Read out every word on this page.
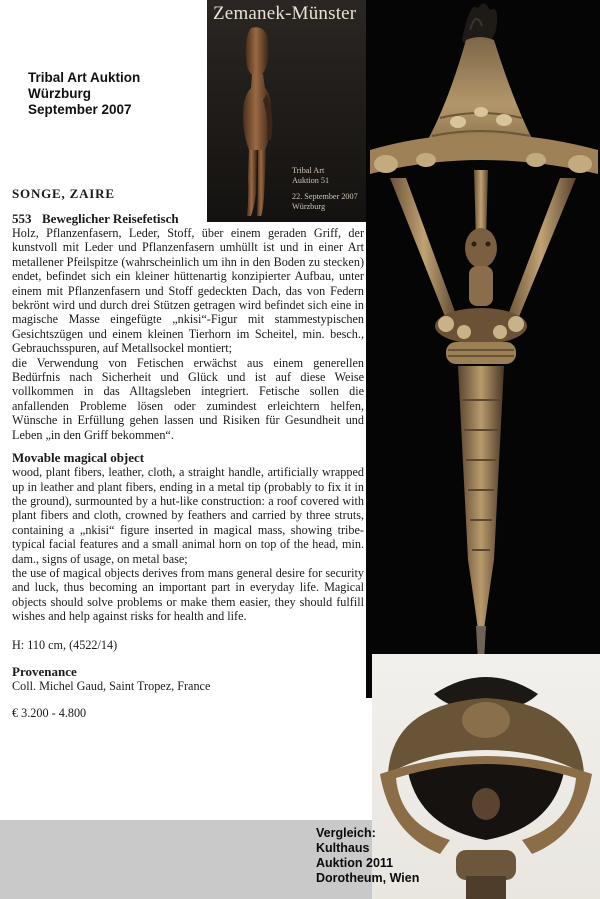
Tribal Art Auktion
Würzburg
September 2007
Zemanek-Münster
Tribal Art
Auktion 51
22. September 2007
Würzburg
Vergleich:
Kulthaus
Auktion 2011
Dorotheum, Wien
SONGE, ZAIRE
553 Beweglicher Reisefetisch

Holz, Pflanzenfasern, Leder, Stoff, über einem geraden Griff, der kunstvoll mit Leder und Pflanzenfasern umhüllt ist und in einer Art metallener Pfeilspitze (wahrscheinlich um ihn in den Boden zu stecken) endet, befindet sich ein kleiner hüttenartig konzipierter Aufbau, unter einem mit Pflanzenfasern und Stoff gedeckten Dach, das von Federn bekrönt wird und durch drei Stützen getragen wird befindet sich eine in magische Masse eingefügte „nkisi“-Figur mit stammestypischen Gesichtszügen und einem kleinen Tierhorn im Scheitel, min. besch., Gebrauchsspuren, auf Metallsockel montiert;

die Verwendung von Fetischen erwächst aus einem generellen Bedürfnis nach Sicherheit und Glück und ist auf diese Weise vollkommen in das Alltagsleben integriert. Fetische sollen die anfallenden Probleme lösen oder zumindest erleichtern helfen, Wünsche in Erfüllung gehen lassen und Risiken für Gesundheit und Leben „in den Griff bekommen“.

Movable magical object

wood, plant fibers, leather, cloth, a straight handle, artificially wrapped up in leather and plant fibers, ending in a metal tip (probably to fix it in the ground), surmounted by a hut-like construction: a roof covered with plant fibers and cloth, crowned by feathers and carried by three struts, containing a „nkisi“ figure inserted in magical mass, showing tribe-typical facial features and a small animal horn on top of the head, min. dam., signs of usage, on metal base;

the use of magical objects derives from mans general desire for security and luck, thus becoming an important part in everyday life. Magical objects should solve problems or make them easier, they should fulfill wishes and help against risks for health and life.

H: 110 cm, (4522/14)
Provenance
Coll. Michel Gaud, Saint Tropez, France
€ 3.200 - 4.800
